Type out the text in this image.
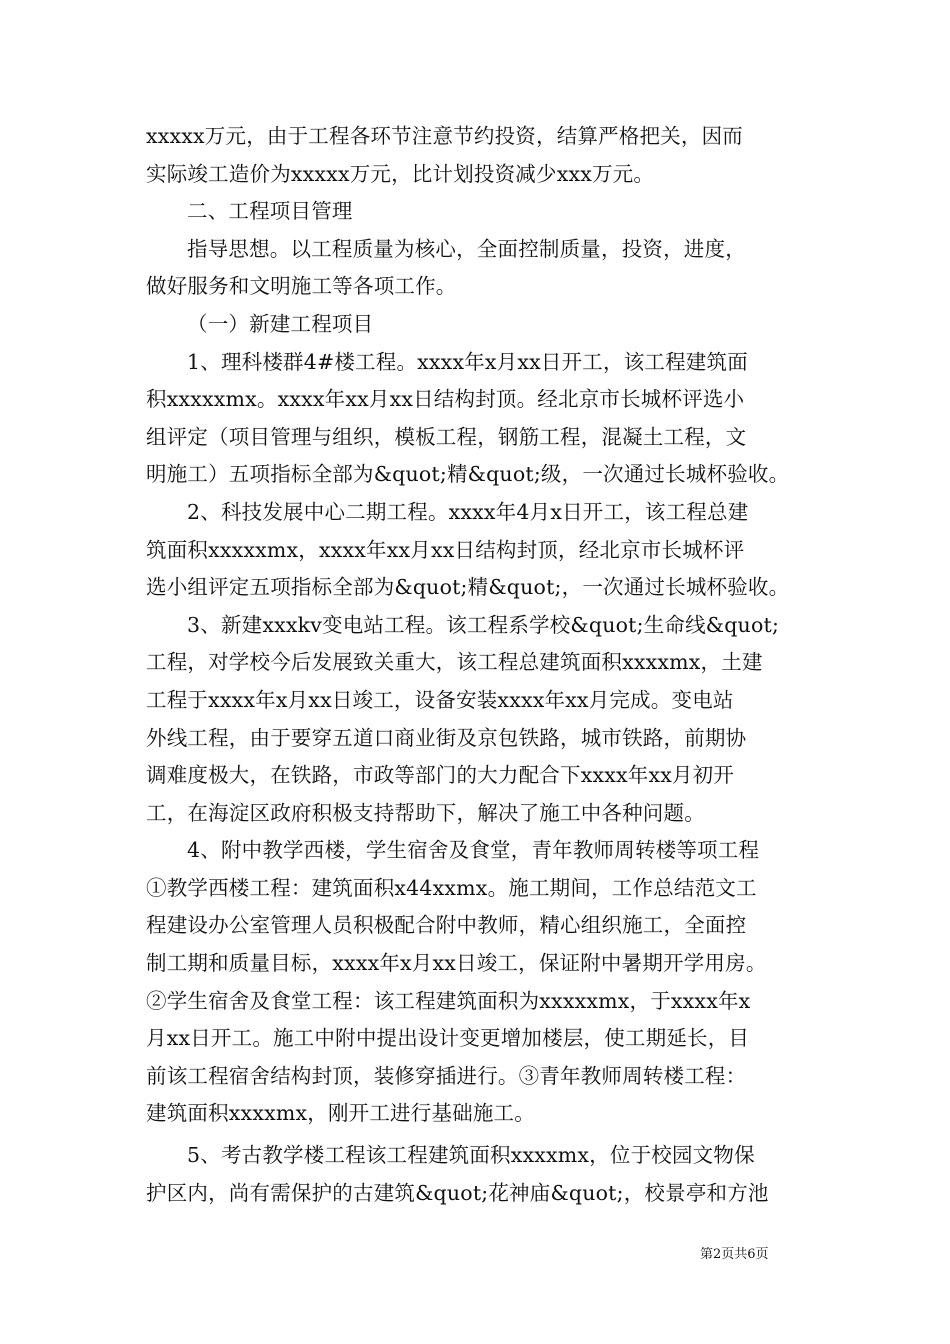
xxxxx万元，由于工程各环节注意节约投资，结算严格把关，因而
实际竣工造价为xxxxx万元，比计划投资减少xxx万元。
二、工程项目管理
指导思想。以工程质量为核心，全面控制质量，投资，进度，
做好服务和文明施工等各项工作。
（一）新建工程项目
1、理科楼群4#楼工程。xxxx年x月xx日开工，该工程建筑面
积xxxxxmx。xxxx年xx月xx日结构封顶。经北京市长城杯评选小
组评定（项目管理与组织，模板工程，钢筋工程，混凝土工程，文
明施工）五项指标全部为&quot;精&quot;级，一次通过长城杯验收。
2、科技发展中心二期工程。xxxx年4月x日开工，该工程总建
筑面积xxxxxmx，xxxx年xx月xx日结构封顶，经北京市长城杯评
选小组评定五项指标全部为&quot;精&quot;，一次通过长城杯验收。
3、新建xxxkv变电站工程。该工程系学校&quot;生命线&quot;
工程，对学校今后发展致关重大，该工程总建筑面积xxxxmx，土建
工程于xxxx年x月xx日竣工，设备安装xxxx年xx月完成。变电站
外线工程，由于要穿五道口商业街及京包铁路，城市铁路，前期协
调难度极大，在铁路，市政等部门的大力配合下xxxx年xx月初开
工，在海淀区政府积极支持帮助下，解决了施工中各种问题。
4、附中教学西楼，学生宿舍及食堂，青年教师周转楼等项工程
①教学西楼工程：建筑面积x44xxmx。施工期间，工作总结范文工
程建设办公室管理人员积极配合附中教师，精心组织施工，全面控
制工期和质量目标，xxxx年x月xx日竣工，保证附中暑期开学用房。
②学生宿舍及食堂工程：该工程建筑面积为xxxxxmx，于xxxx年x
月xx日开工。施工中附中提出设计变更增加楼层，使工期延长，目
前该工程宿舍结构封顶，装修穿插进行。③青年教师周转楼工程：
建筑面积xxxxmx，刚开工进行基础施工。
5、考古教学楼工程该工程建筑面积xxxxmx，位于校园文物保
护区内，尚有需保护的古建筑&quot;花神庙&quot;，校景亭和方池
第2页共6页
